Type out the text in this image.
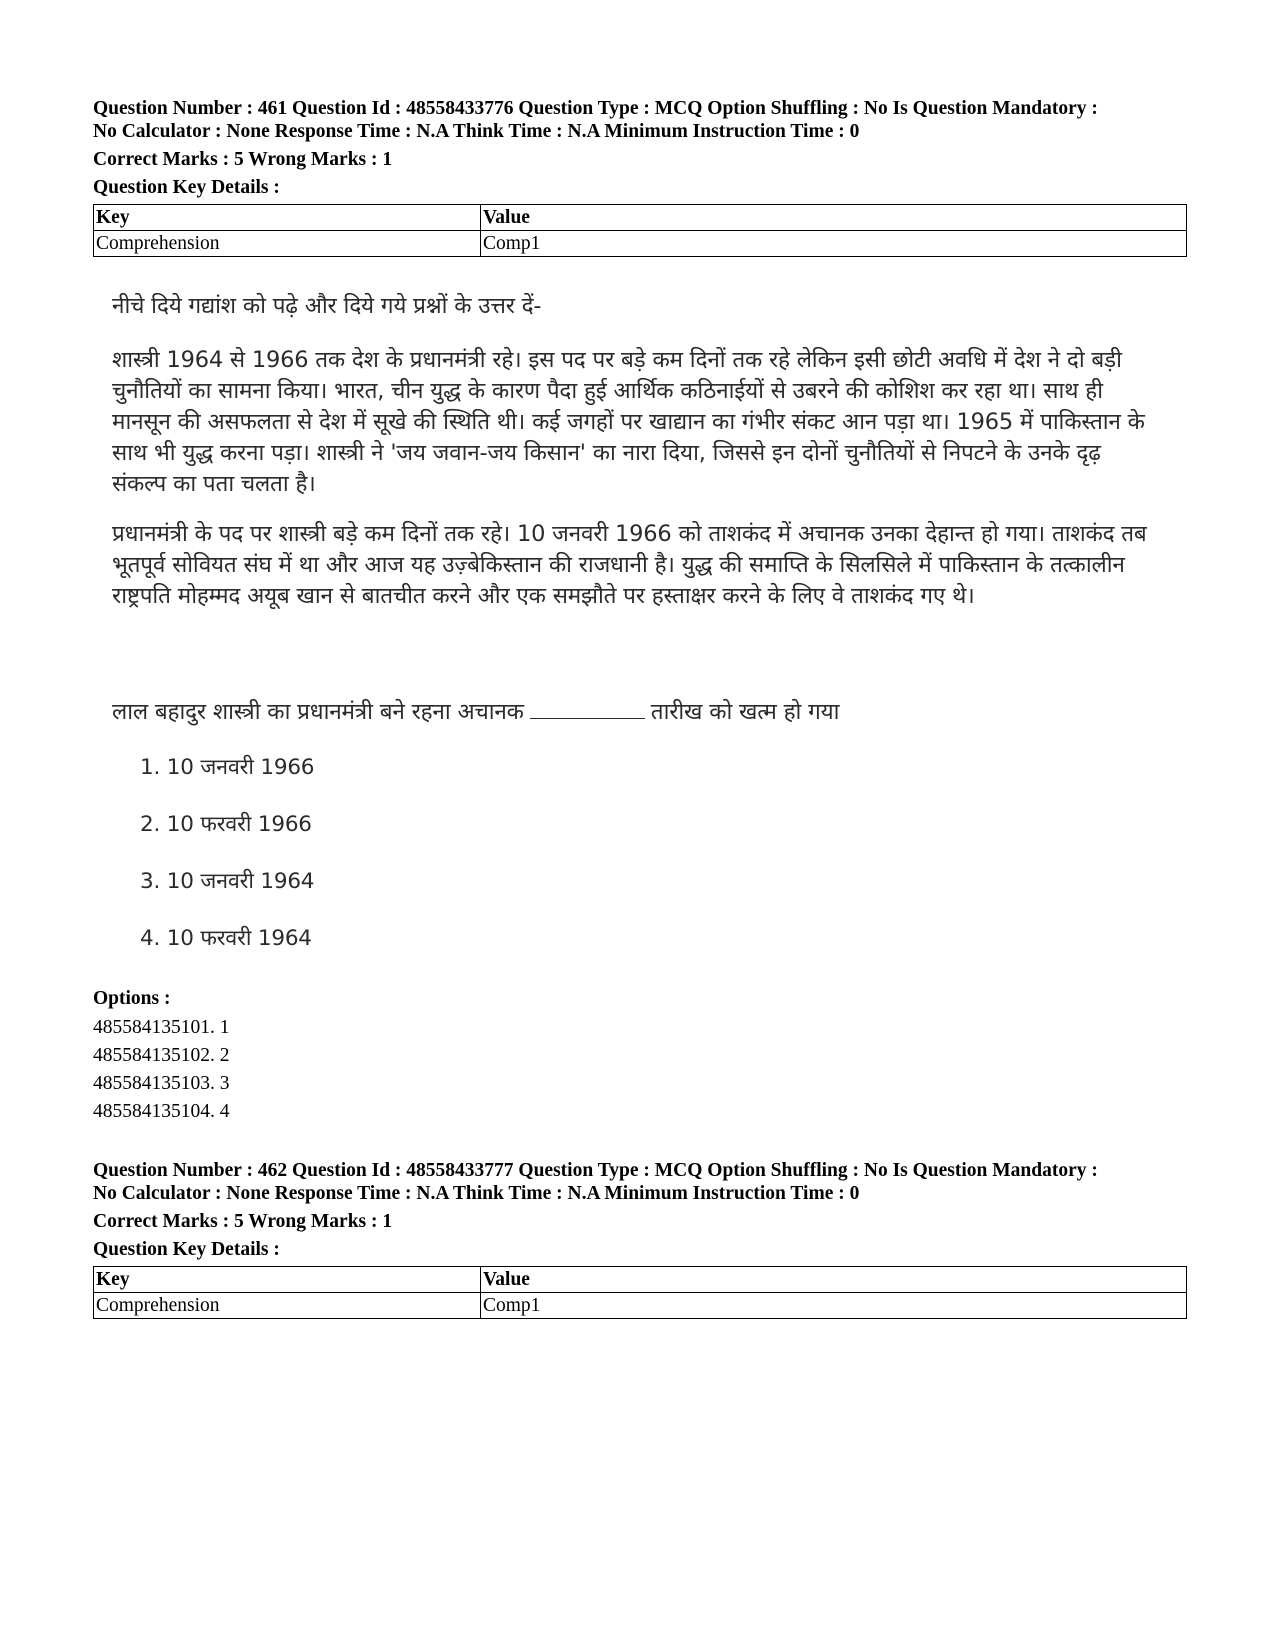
Question Number : 461 Question Id : 48558433776 Question Type : MCQ Option Shuffling : No Is Question Mandatory :

No Calculator : None Response Time : N.A Think Time : N.A Minimum Instruction Time : 0

Correct Marks : 5 Wrong Marks : 1

Question Key Details :

Key	Value
Comprehension	Comp1

नीचे दिये गद्यांश को पढ़े और दिये गये प्रश्नों के उत्तर दें-

शास्त्री 1964 से 1966 तक देश के प्रधानमंत्री रहे। इस पद पर बड़े कम दिनों तक रहे लेकिन इसी छोटी अवधि में देश ने दो बड़ी चुनौतियों का सामना किया। भारत, चीन युद्ध के कारण पैदा हुई आर्थिक कठिनाईयों से उबरने की कोशिश कर रहा था। साथ ही मानसून की असफलता से देश में सूखे की स्थिति थी। कई जगहों पर खाद्यान का गंभीर संकट आन पड़ा था। 1965 में पाकिस्तान के साथ भी युद्ध करना पड़ा। शास्त्री ने 'जय जवान-जय किसान' का नारा दिया, जिससे इन दोनों चुनौतियों से निपटने के उनके दृढ़ संकल्प का पता चलता है।

प्रधानमंत्री के पद पर शास्त्री बड़े कम दिनों तक रहे। 10 जनवरी 1966 को ताशकंद में अचानक उनका देहान्त हो गया। ताशकंद तब भूतपूर्व सोवियत संघ में था और आज यह उज़्बेकिस्तान की राजधानी है। युद्ध की समाप्ति के सिलसिले में पाकिस्तान के तत्कालीन राष्ट्रपति मोहम्मद अयूब खान से बातचीत करने और एक समझौते पर हस्ताक्षर करने के लिए वे ताशकंद गए थे।

लाल बहादुर शास्त्री का प्रधानमंत्री बने रहना अचानक	तारीख को खत्म हो गया

1. 10 जनवरी 1966

2. 10 फरवरी 1966

3. 10 जनवरी 1964

4. 10 फरवरी 1964

Options :
485584135101. 1
485584135102. 2
485584135103. 3
485584135104. 4

Question Number : 462 Question Id : 48558433777 Question Type : MCQ Option Shuffling : No Is Question Mandatory :

No Calculator : None Response Time : N.A Think Time : N.A Minimum Instruction Time : 0

Correct Marks : 5 Wrong Marks : 1

Question Key Details :

Key	Value
Comprehension	Comp1
